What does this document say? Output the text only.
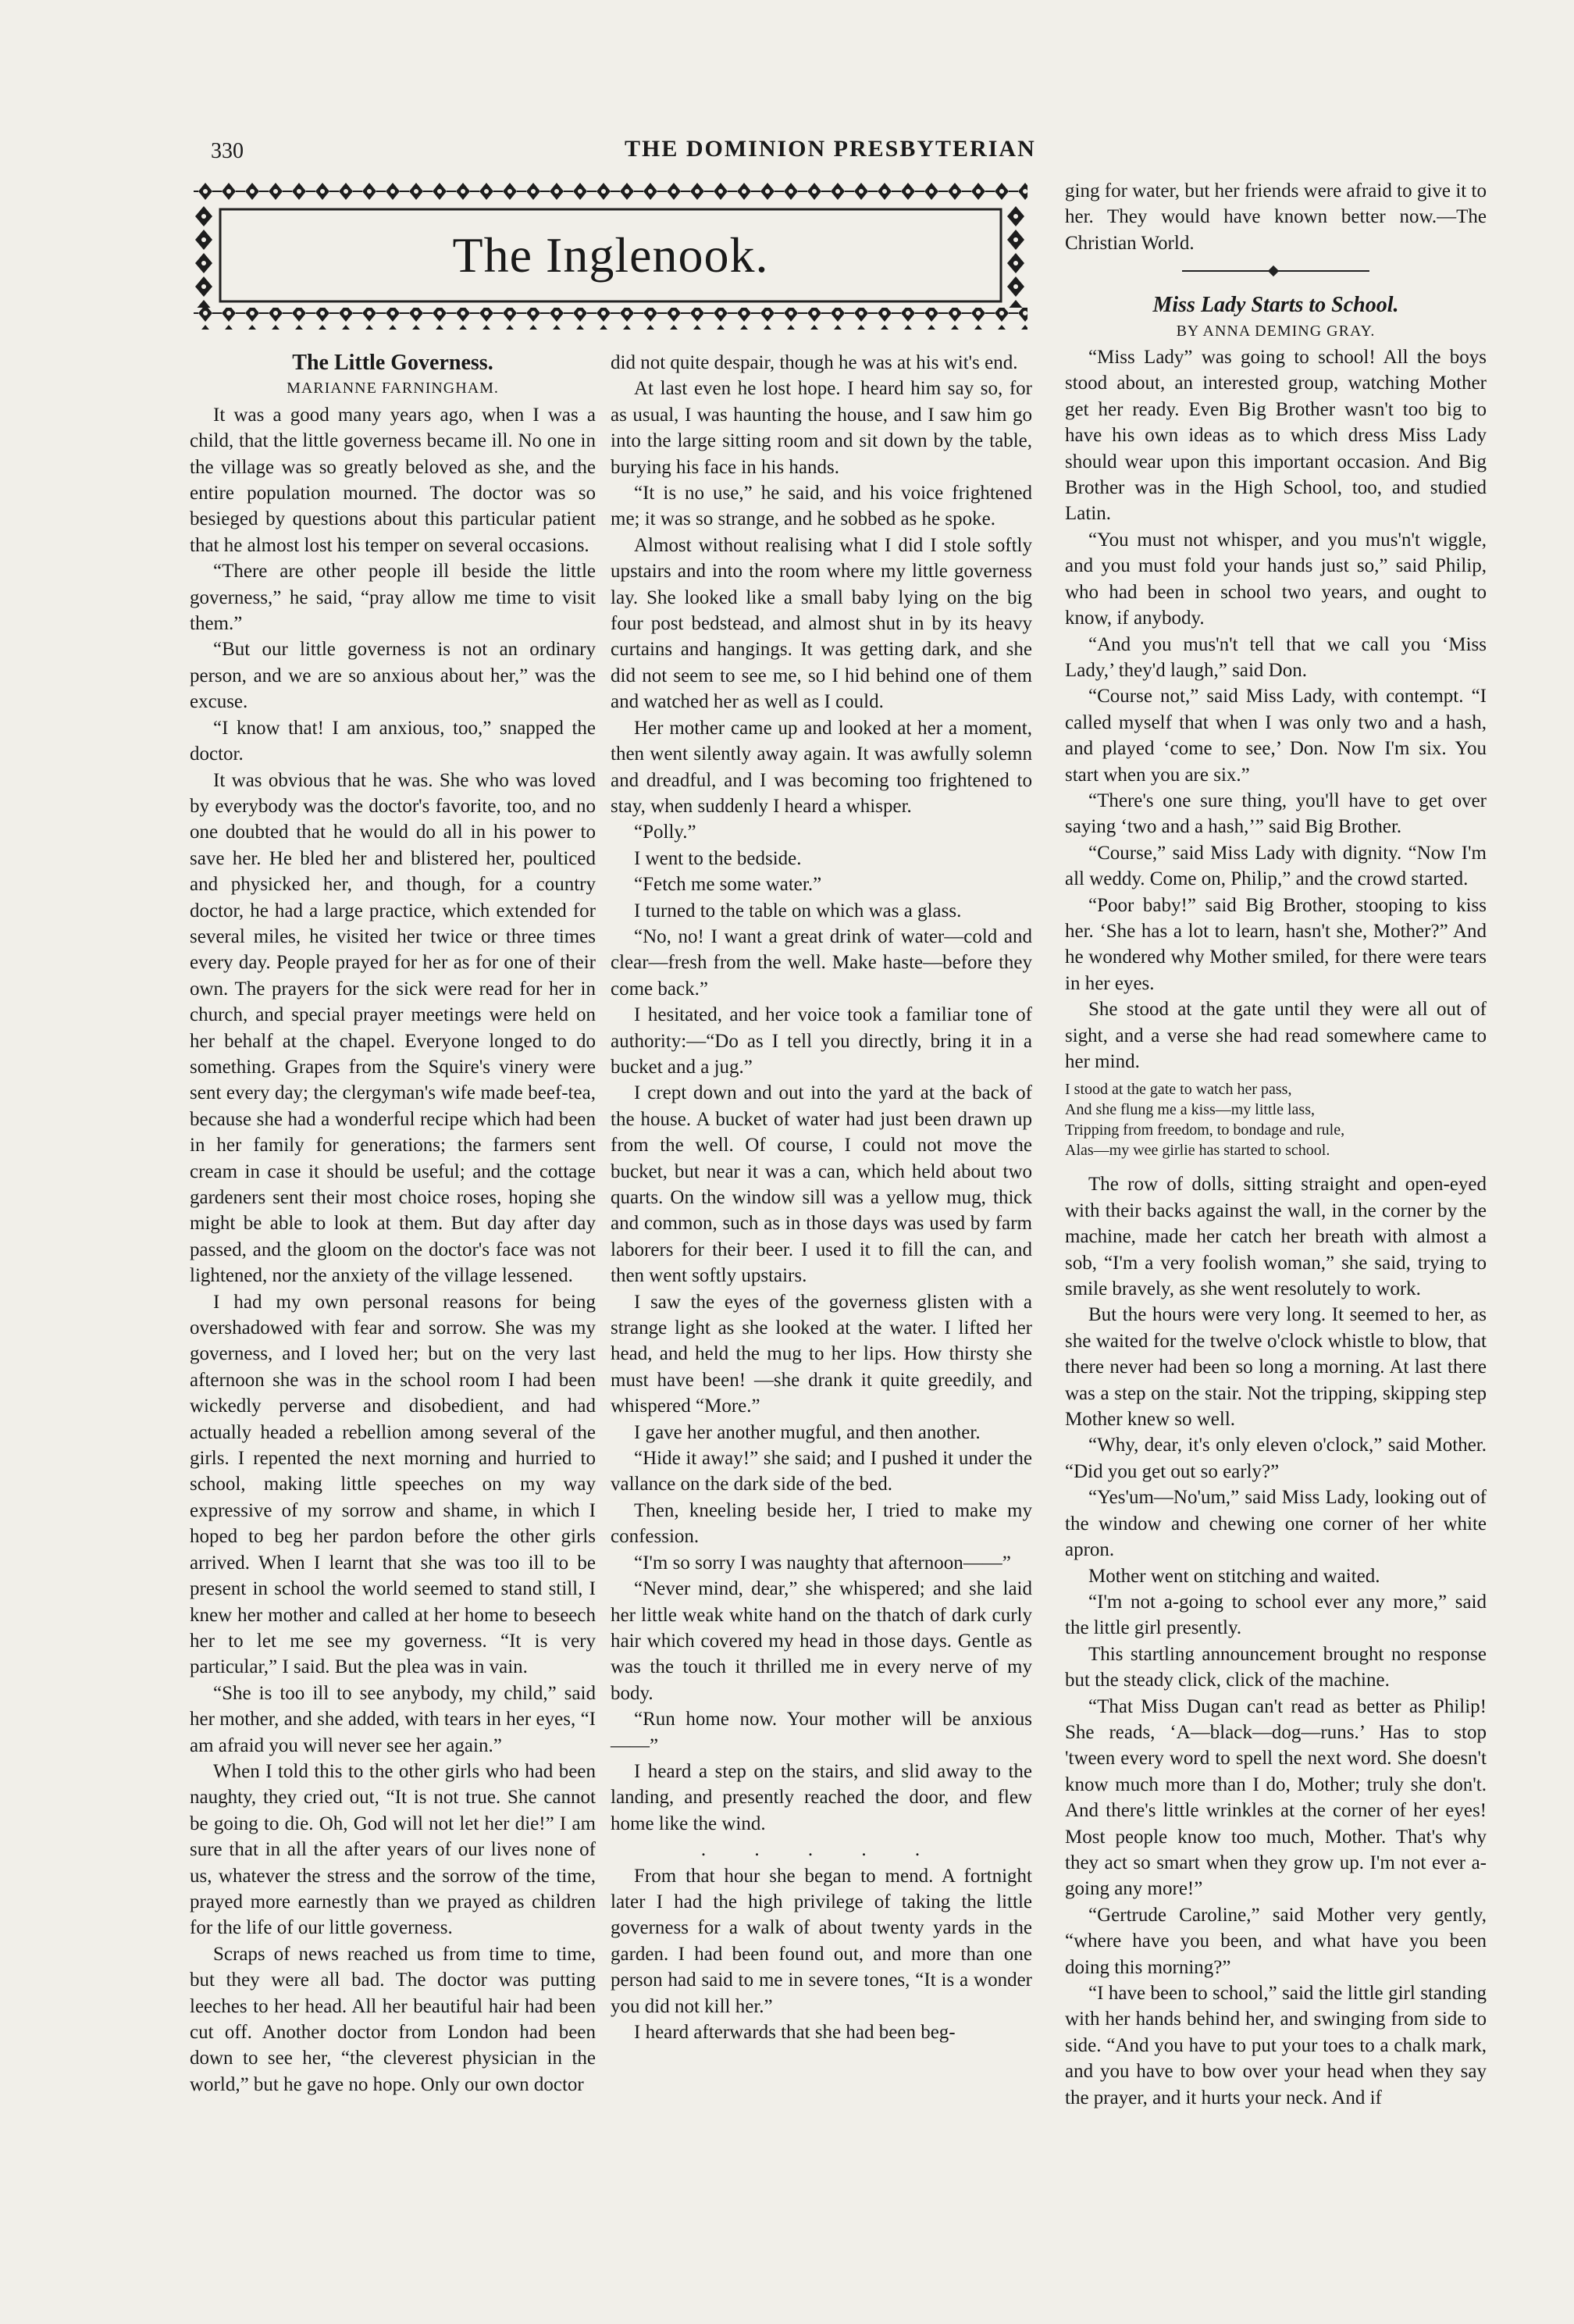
330	THE DOMINION PRESBYTERIAN
The Inglenook.

The Little Governess.

MARIANNE FARNINGHAM.

It was a good many years ago, when I was a child, that the little governess became ill. No one in the village was so greatly beloved as she, and the entire population mourned. The doctor was so besieged by questions about this particular patient that he almost lost his temper on several occasions.

“There are other people ill beside the little governess,” he said, “pray allow me time to visit them.”

“But our little governess is not an ordinary person, and we are so anxious about her,” was the excuse.

“I know that! I am anxious, too,” snapped the doctor.

It was obvious that he was. She who was loved by everybody was the doctor's favorite, too, and no one doubted that he would do all in his power to save her. He bled her and blistered her, poulticed and physicked her, and though, for a country doctor, he had a large practice, which extended for several miles, he visited her twice or three times every day. People prayed for her as for one of their own. The prayers for the sick were read for her in church, and special prayer meetings were held on her behalf at the chapel. Everyone longed to do something. Grapes from the Squire's vinery were sent every day; the clergyman's wife made beef-tea, because she had a wonderful recipe which had been in her family for generations; the farmers sent cream in case it should be useful; and the cottage gardeners sent their most choice roses, hoping she might be able to look at them. But day after day passed, and the gloom on the doctor's face was not lightened, nor the anxiety of the village lessened.

I had my own personal reasons for being overshadowed with fear and sorrow. She was my governess, and I loved her; but on the very last afternoon she was in the school room I had been wickedly perverse and disobedient, and had actually headed a rebellion among several of the girls. I repented the next morning and hurried to school, making little speeches on my way expressive of my sorrow and shame, in which I hoped to beg her pardon before the other girls arrived. When I learnt that she was too ill to be present in school the world seemed to stand still, I knew her mother and called at her home to beseech her to let me see my governess. “It is very particular,” I said. But the plea was in vain.

“She is too ill to see anybody, my child,” said her mother, and she added, with tears in her eyes, “I am afraid you will never see her again.”

When I told this to the other girls who had been naughty, they cried out, “It is not true. She cannot be going to die. Oh, God will not let her die!” I am sure that in all the after years of our lives none of us, whatever the stress and the sorrow of the time, prayed more earnestly than we prayed as children for the life of our little governess.

Scraps of news reached us from time to time, but they were all bad. The doctor was putting leeches to her head. All her beautiful hair had been cut off. Another doctor from London had been down to see her, “the cleverest physician in the world,” but he gave no hope. Only our own doctor

did not quite despair, though he was at his wit's end.

At last even he lost hope. I heard him say so, for as usual, I was haunting the house, and I saw him go into the large sitting room and sit down by the table, burying his face in his hands.

“It is no use,” he said, and his voice frightened me; it was so strange, and he sobbed as he spoke.

Almost without realising what I did I stole softly upstairs and into the room where my little governess lay. She looked like a small baby lying on the big four post bedstead, and almost shut in by its heavy curtains and hangings. It was getting dark, and she did not seem to see me, so I hid behind one of them and watched her as well as I could.

Her mother came up and looked at her a moment, then went silently away again. It was awfully solemn and dreadful, and I was becoming too frightened to stay, when suddenly I heard a whisper.

“Polly.”

I went to the bedside.

“Fetch me some water.”

I turned to the table on which was a glass.

“No, no! I want a great drink of water—cold and clear—fresh from the well. Make haste—before they come back.”

I hesitated, and her voice took a familiar tone of authority:—“Do as I tell you directly, bring it in a bucket and a jug.”

I crept down and out into the yard at the back of the house. A bucket of water had just been drawn up from the well. Of course, I could not move the bucket, but near it was a can, which held about two quarts. On the window sill was a yellow mug, thick and common, such as in those days was used by farm laborers for their beer. I used it to fill the can, and then went softly upstairs.

I saw the eyes of the governess glisten with a strange light as she looked at the water. I lifted her head, and held the mug to her lips. How thirsty she must have been! —she drank it quite greedily, and whispered “More.”

I gave her another mugful, and then another.

“Hide it away!” she said; and I pushed it under the vallance on the dark side of the bed.

Then, kneeling beside her, I tried to make my confession.

“I'm so sorry I was naughty that afternoon——”

“Never mind, dear,” she whispered; and she laid her little weak white hand on the thatch of dark curly hair which covered my head in those days. Gentle as was the touch it thrilled me in every nerve of my body.

“Run home now. Your mother will be anxious——”

I heard a step on the stairs, and slid away to the landing, and presently reached the door, and flew home like the wind.

. . . . .

From that hour she began to mend. A fortnight later I had the high privilege of taking the little governess for a walk of about twenty yards in the garden. I had been found out, and more than one person had said to me in severe tones, “It is a wonder you did not kill her.”

I heard afterwards that she had been beg-

ging for water, but her friends were afraid to give it to her. They would have known better now.—The Christian World.

Miss Lady Starts to School.

BY ANNA DEMING GRAY.

“Miss Lady” was going to school! All the boys stood about, an interested group, watching Mother get her ready. Even Big Brother wasn't too big to have his own ideas as to which dress Miss Lady should wear upon this important occasion. And Big Brother was in the High School, too, and studied Latin.

“You must not whisper, and you mus'n't wiggle, and you must fold your hands just so,” said Philip, who had been in school two years, and ought to know, if anybody.

“And you mus'n't tell that we call you ‘Miss Lady,’ they'd laugh,” said Don.

“Course not,” said Miss Lady, with contempt. “I called myself that when I was only two and a hash, and played ‘come to see,’ Don. Now I'm six. You start when you are six.”

“There's one sure thing, you'll have to get over saying ‘two and a hash,’” said Big Brother.

“Course,” said Miss Lady with dignity. “Now I'm all weddy. Come on, Philip,” and the crowd started.

“Poor baby!” said Big Brother, stooping to kiss her. ‘She has a lot to learn, hasn't she, Mother?” And he wondered why Mother smiled, for there were tears in her eyes.

She stood at the gate until they were all out of sight, and a verse she had read somewhere came to her mind.

I stood at the gate to watch her pass,
And she flung me a kiss—my little lass,
Tripping from freedom, to bondage and rule,
Alas—my wee girlie has started to school.

The row of dolls, sitting straight and open-eyed with their backs against the wall, in the corner by the machine, made her catch her breath with almost a sob, “I'm a very foolish woman,” she said, trying to smile bravely, as she went resolutely to work.

But the hours were very long. It seemed to her, as she waited for the twelve o'clock whistle to blow, that there never had been so long a morning. At last there was a step on the stair. Not the tripping, skipping step Mother knew so well.

“Why, dear, it's only eleven o'clock,” said Mother. “Did you get out so early?”

“Yes'um—No'um,” said Miss Lady, looking out of the window and chewing one corner of her white apron.

Mother went on stitching and waited.

“I'm not a-going to school ever any more,” said the little girl presently.

This startling announcement brought no response but the steady click, click of the machine.

“That Miss Dugan can't read as better as Philip! She reads, ‘A—black—dog—runs.’ Has to stop 'tween every word to spell the next word. She doesn't know much more than I do, Mother; truly she don't. And there's little wrinkles at the corner of her eyes! Most people know too much, Mother. That's why they act so smart when they grow up. I'm not ever a-going any more!”

“Gertrude Caroline,” said Mother very gently, “where have you been, and what have you been doing this morning?”

“I have been to school,” said the little girl standing with her hands behind her, and swinging from side to side. “And you have to put your toes to a chalk mark, and you have to bow over your head when they say the prayer, and it hurts your neck. And if
